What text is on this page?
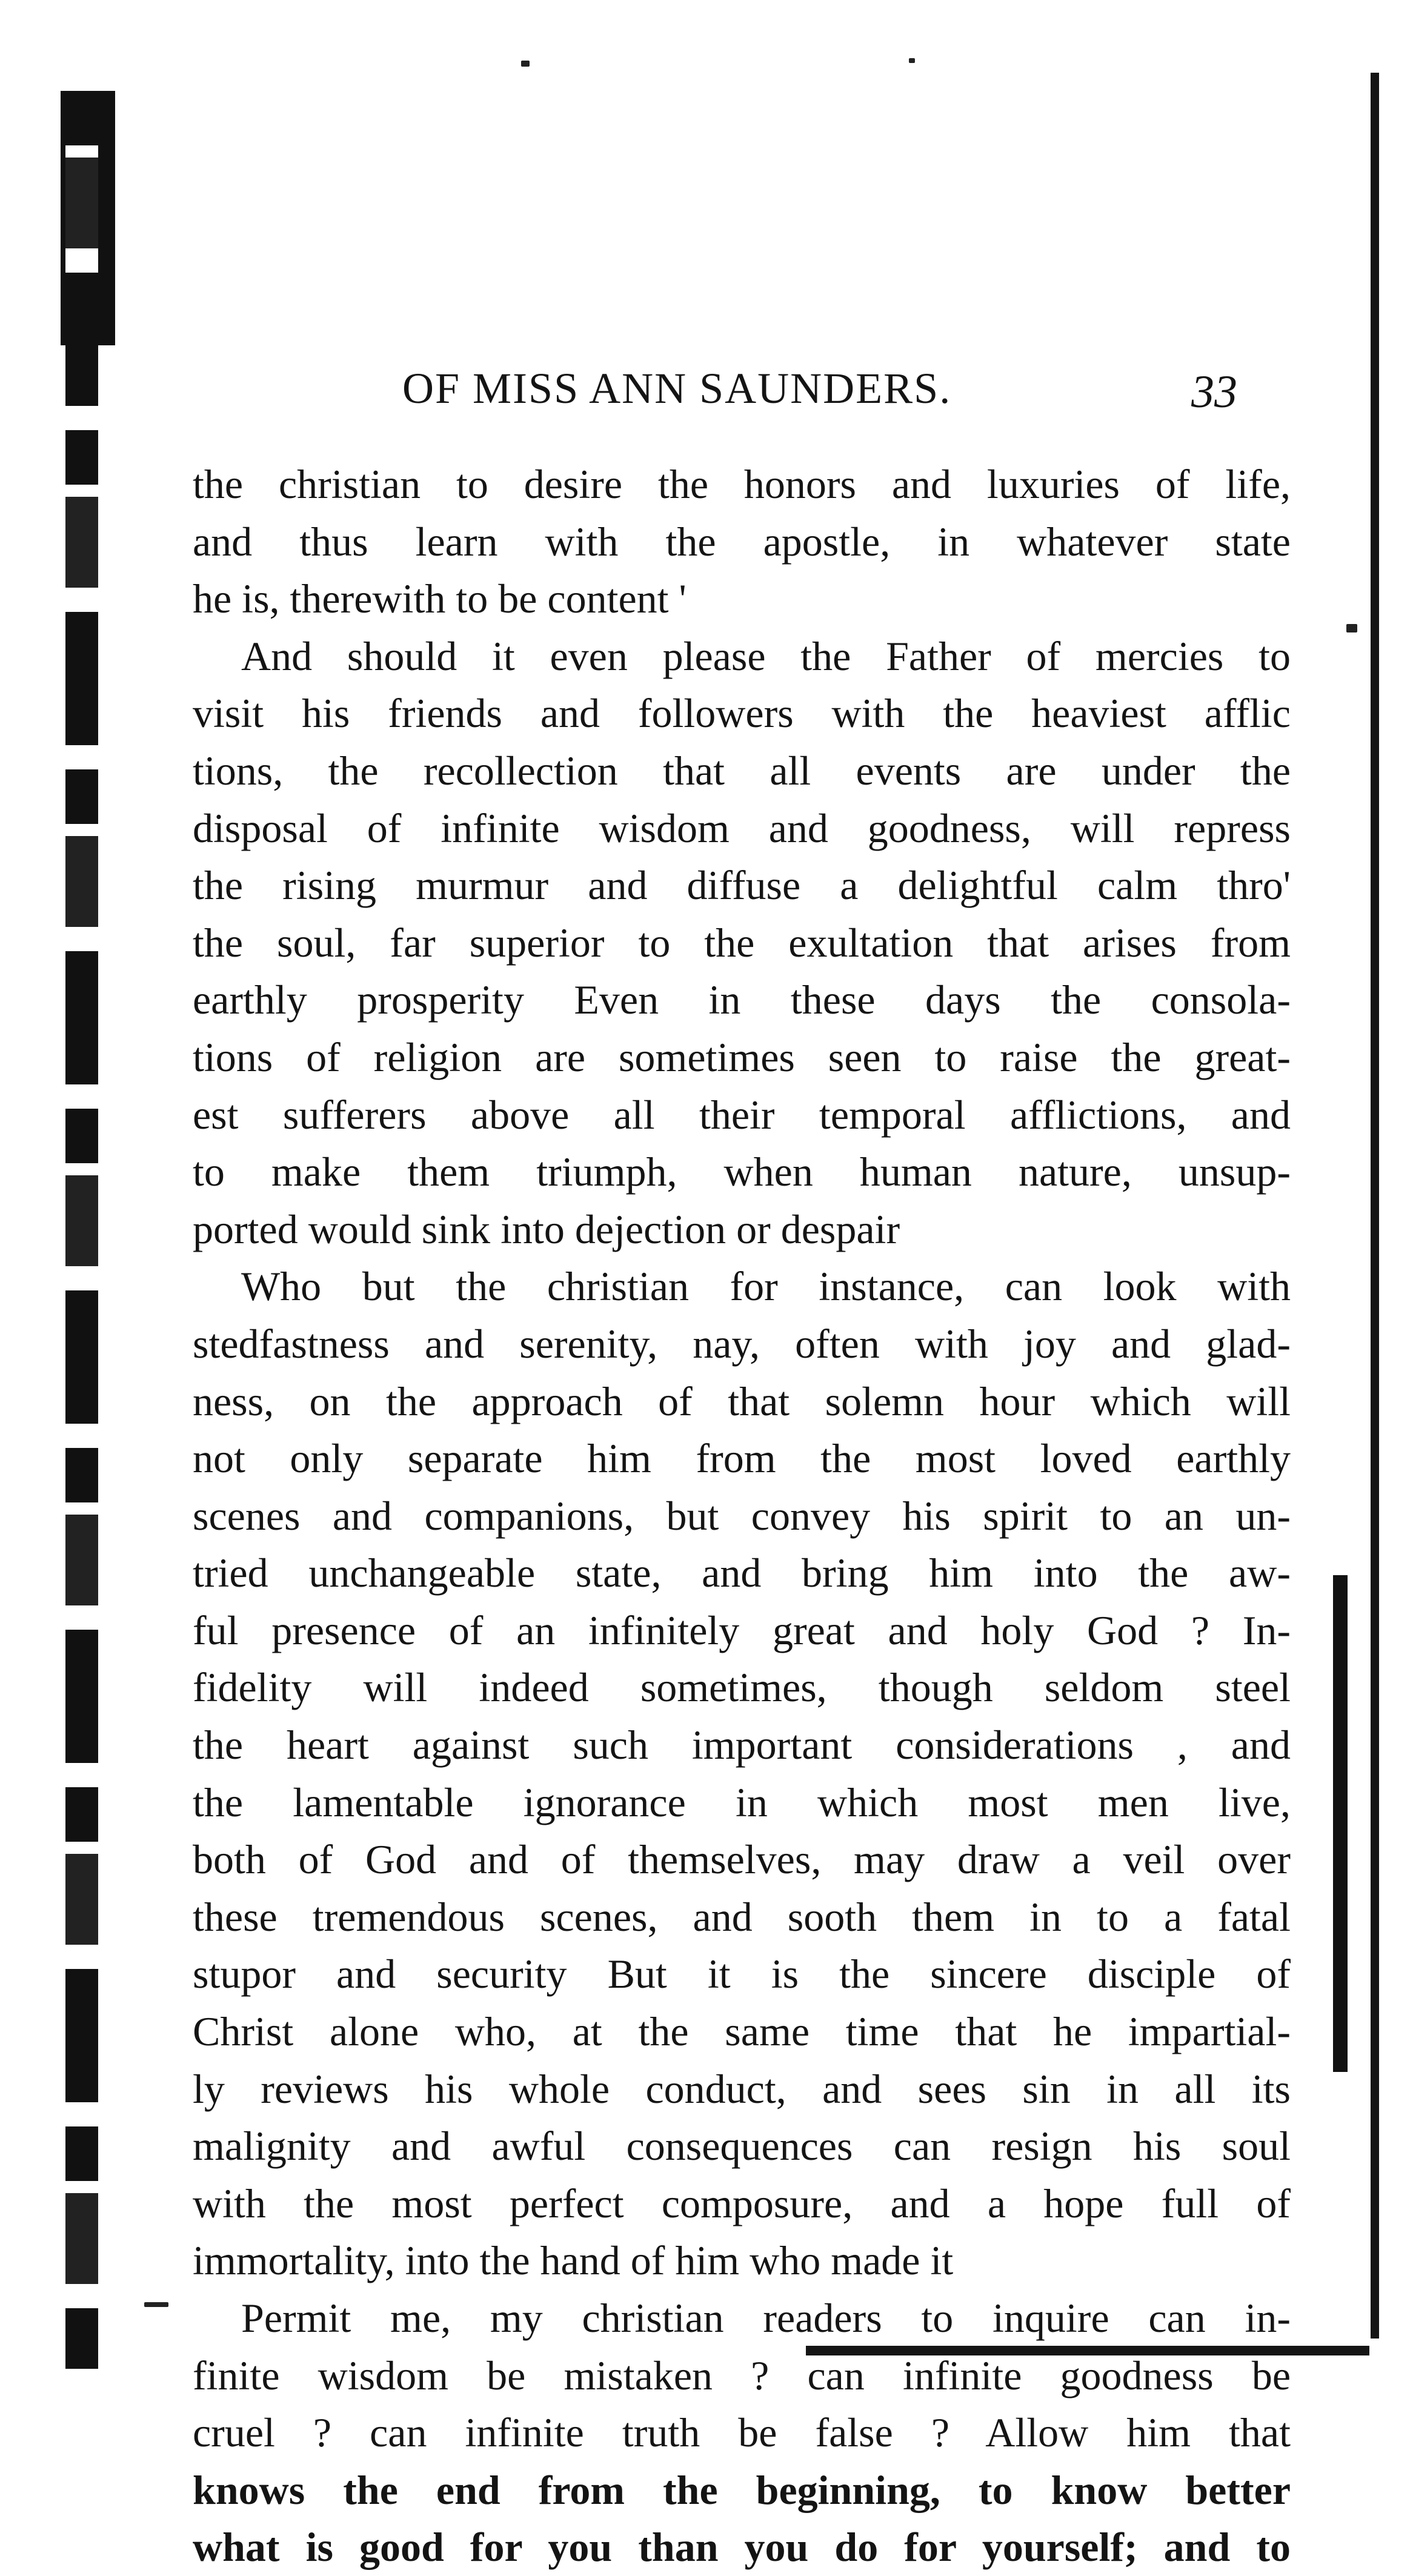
OF MISS ANN SAUNDERS.	33
the christian to desire the honors and luxuries of life,
and thus learn with the apostle, in whatever state
he is, therewith to be content '
And should it even please the Father of mercies to
visit his friends and followers with the heaviest afflic
tions, the recollection that all events are under the
disposal of infinite wisdom and goodness, will repress
the rising murmur and diffuse a delightful calm thro'
the soul, far superior to the exultation that arises from
earthly prosperity Even in these days the consola-
tions of religion are sometimes seen to raise the great-
est sufferers above all their temporal afflictions, and
to make them triumph, when human nature, unsup-
ported would sink into dejection or despair
Who but the christian for instance, can look with
stedfastness and serenity, nay, often with joy and glad-
ness, on the approach of that solemn hour which will
not only separate him from the most loved earthly
scenes and companions, but convey his spirit to an un-
tried unchangeable state, and bring him into the aw-
ful presence of an infinitely great and holy God ? In-
fidelity will indeed sometimes, though seldom steel
the heart against such important considerations , and
the lamentable ignorance in which most men live,
both of God and of themselves, may draw a veil over
these tremendous scenes, and sooth them in to a fatal
stupor and security But it is the sincere disciple of
Christ alone who, at the same time that he impartial-
ly reviews his whole conduct, and sees sin in all its
malignity and awful consequences can resign his soul
with the most perfect composure, and a hope full of
immortality, into the hand of him who made it
Permit me, my christian readers to inquire can in-
finite wisdom be mistaken ? can infinite goodness be
cruel ? can infinite truth be false ? Allow him that
knows the end from the beginning, to know better
what is good for you than you do for yourself; and to
